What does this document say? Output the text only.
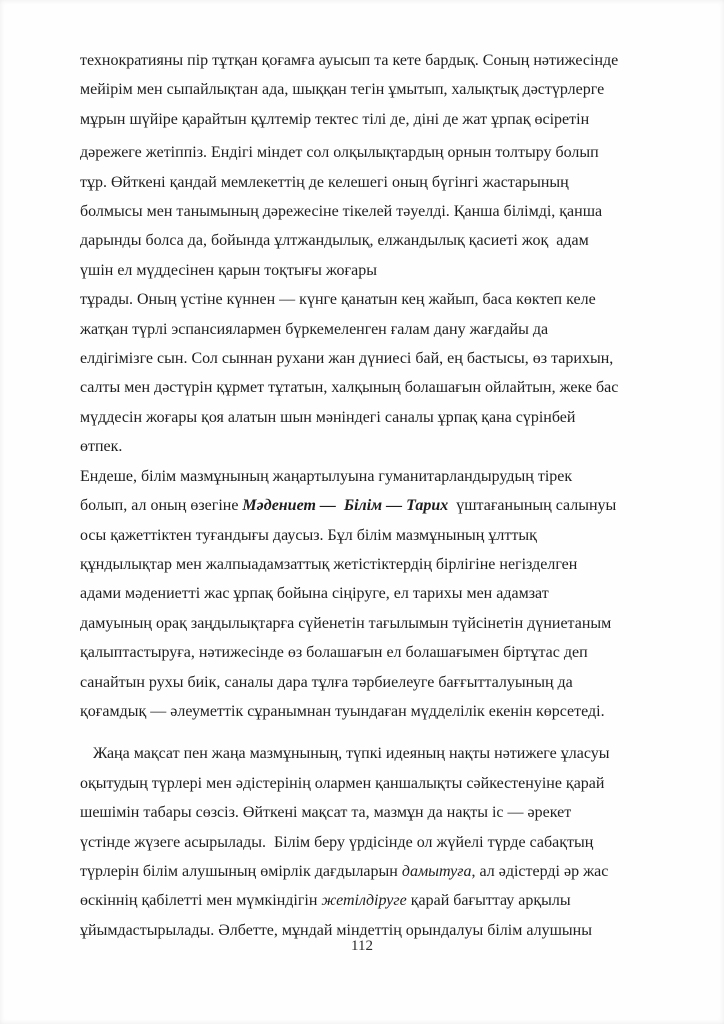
технократияны пір тұтқан қоғамға ауысып та кете бардық. Соның нәтижесінде
мейірім мен сыпайлықтан ада, шыққан тегін ұмытып, халықтық дәстүрлерге
мұрын шүйіре қарайтын құлтемір тектес тілі де, діні де жат ұрпақ өсіретін
дәрежеге жетіппіз. Ендігі міндет сол олқылықтардың орнын толтыру болып
тұр. Өйткені қандай мемлекеттің де келешегі оның бүгінгі жастарының
болмысы мен танымының дәрежесіне тікелей тәуелді. Қанша білімді, қанша
дарынды болса да, бойында ұлтжандылық, елжандылық қасиеті жоқ  адам
үшін ел мүддесінен қарын тоқтығы жоғары
тұрады. Оның үстіне күннен — күнге қанатын кең жайып, баса көктеп келе
жатқан түрлі эспансиялармен бүркемеленген ғалам дану жағдайы да
елдігімізге сын. Сол сыннан рухани жан дүниесі бай, ең бастысы, өз тарихын,
салты мен дәстүрін құрмет тұтатын, халқының болашағын ойлайтын, жеке бас
мүддесін жоғары қоя алатын шын мәніндегі саналы ұрпақ қана сүрінбей
өтпек.
Ендеше, білім мазмұнының жаңартылуына гуманитарландырудың тірек
болып, ал оның өзегіне Мәдениет —  Білім — Тарих  үштағанының салынуы
осы қажеттіктен туғандығы даусыз. Бұл білім мазмұнының ұлттық
құндылықтар мен жалпыадамзаттық жетістіктердің бірлігіне негізделген
адами мәдениетті жас ұрпақ бойына сіңіруге, ел тарихы мен адамзат
дамуының орақ заңдылықтарға сүйенетін тағылымын түйсінетін дүниетаным
қалыптастыруға, нәтижесінде өз болашағын ел болашағымен біртұтас деп
санайтын рухы биік, саналы дара тұлға тәрбиелеуге бағғытталуының да
қоғамдық — әлеуметтік сұранымнан туындаған мүдделілік екенін көрсетеді.
Жаңа мақсат пен жаңа мазмұнының, түпкі идеяның нақты нәтижеге ұласуы
оқытудың түрлері мен әдістерінің олармен қаншалықты сәйкестенуіне қарай
шешімін табары сөзсіз. Өйткені мақсат та, мазмұн да нақты іс — әрекет
үстінде жүзеге асырылады.  Білім беру үрдісінде ол жүйелі түрде сабақтың
түрлерін білім алушының өмірлік дағдыларын дамытуға, ал әдістерді әр жас
өскіннің қабілетті мен мүмкіндігін жетілдіруге қарай бағыттау арқылы
ұйымдастырылады. Әлбетте, мұндай міндеттің орындалуы білім алушыны
112
